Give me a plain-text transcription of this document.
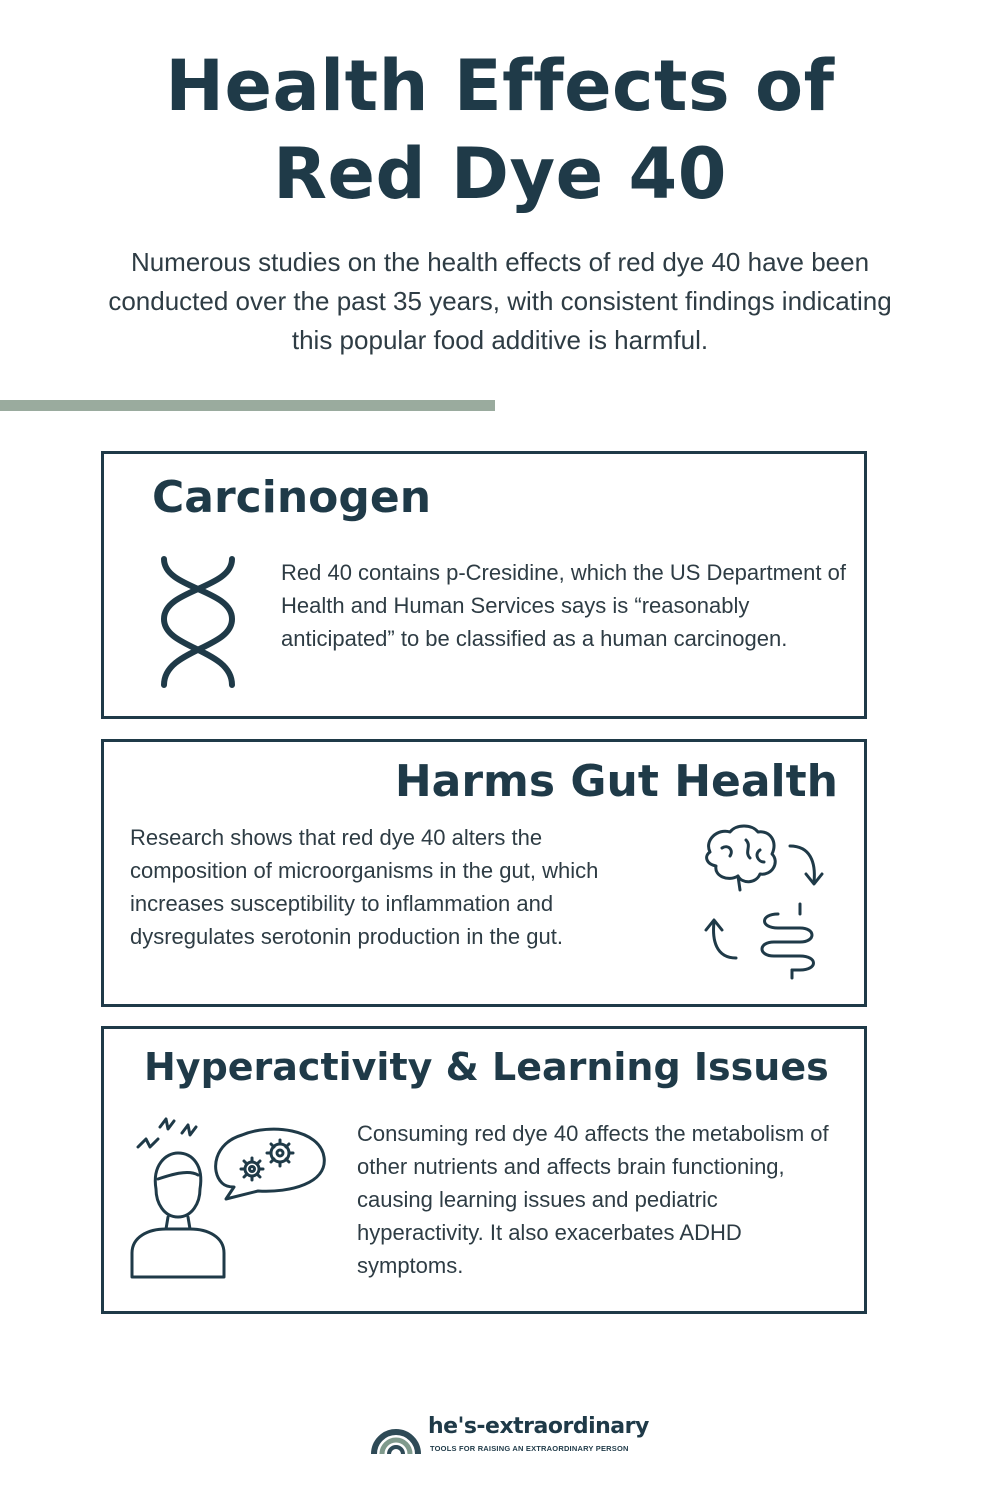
Health Effects of
Red Dye 40

Numerous studies on the health effects of red dye 40 have been conducted over the past 35 years, with consistent findings indicating this popular food additive is harmful.

Carcinogen

Red 40 contains p-Cresidine, which the US Department of Health and Human Services says is “reasonably anticipated” to be classified as a human carcinogen.

Harms Gut Health

Research shows that red dye 40 alters the composition of microorganisms in the gut, which increases susceptibility to inflammation and dysregulates serotonin production in the gut.

Hyperactivity & Learning Issues

Consuming red dye 40 affects the metabolism of other nutrients and affects brain functioning, causing learning issues and pediatric hyperactivity. It also exacerbates ADHD symptoms.

he's-extraordinary
TOOLS FOR RAISING AN EXTRAORDINARY PERSON
